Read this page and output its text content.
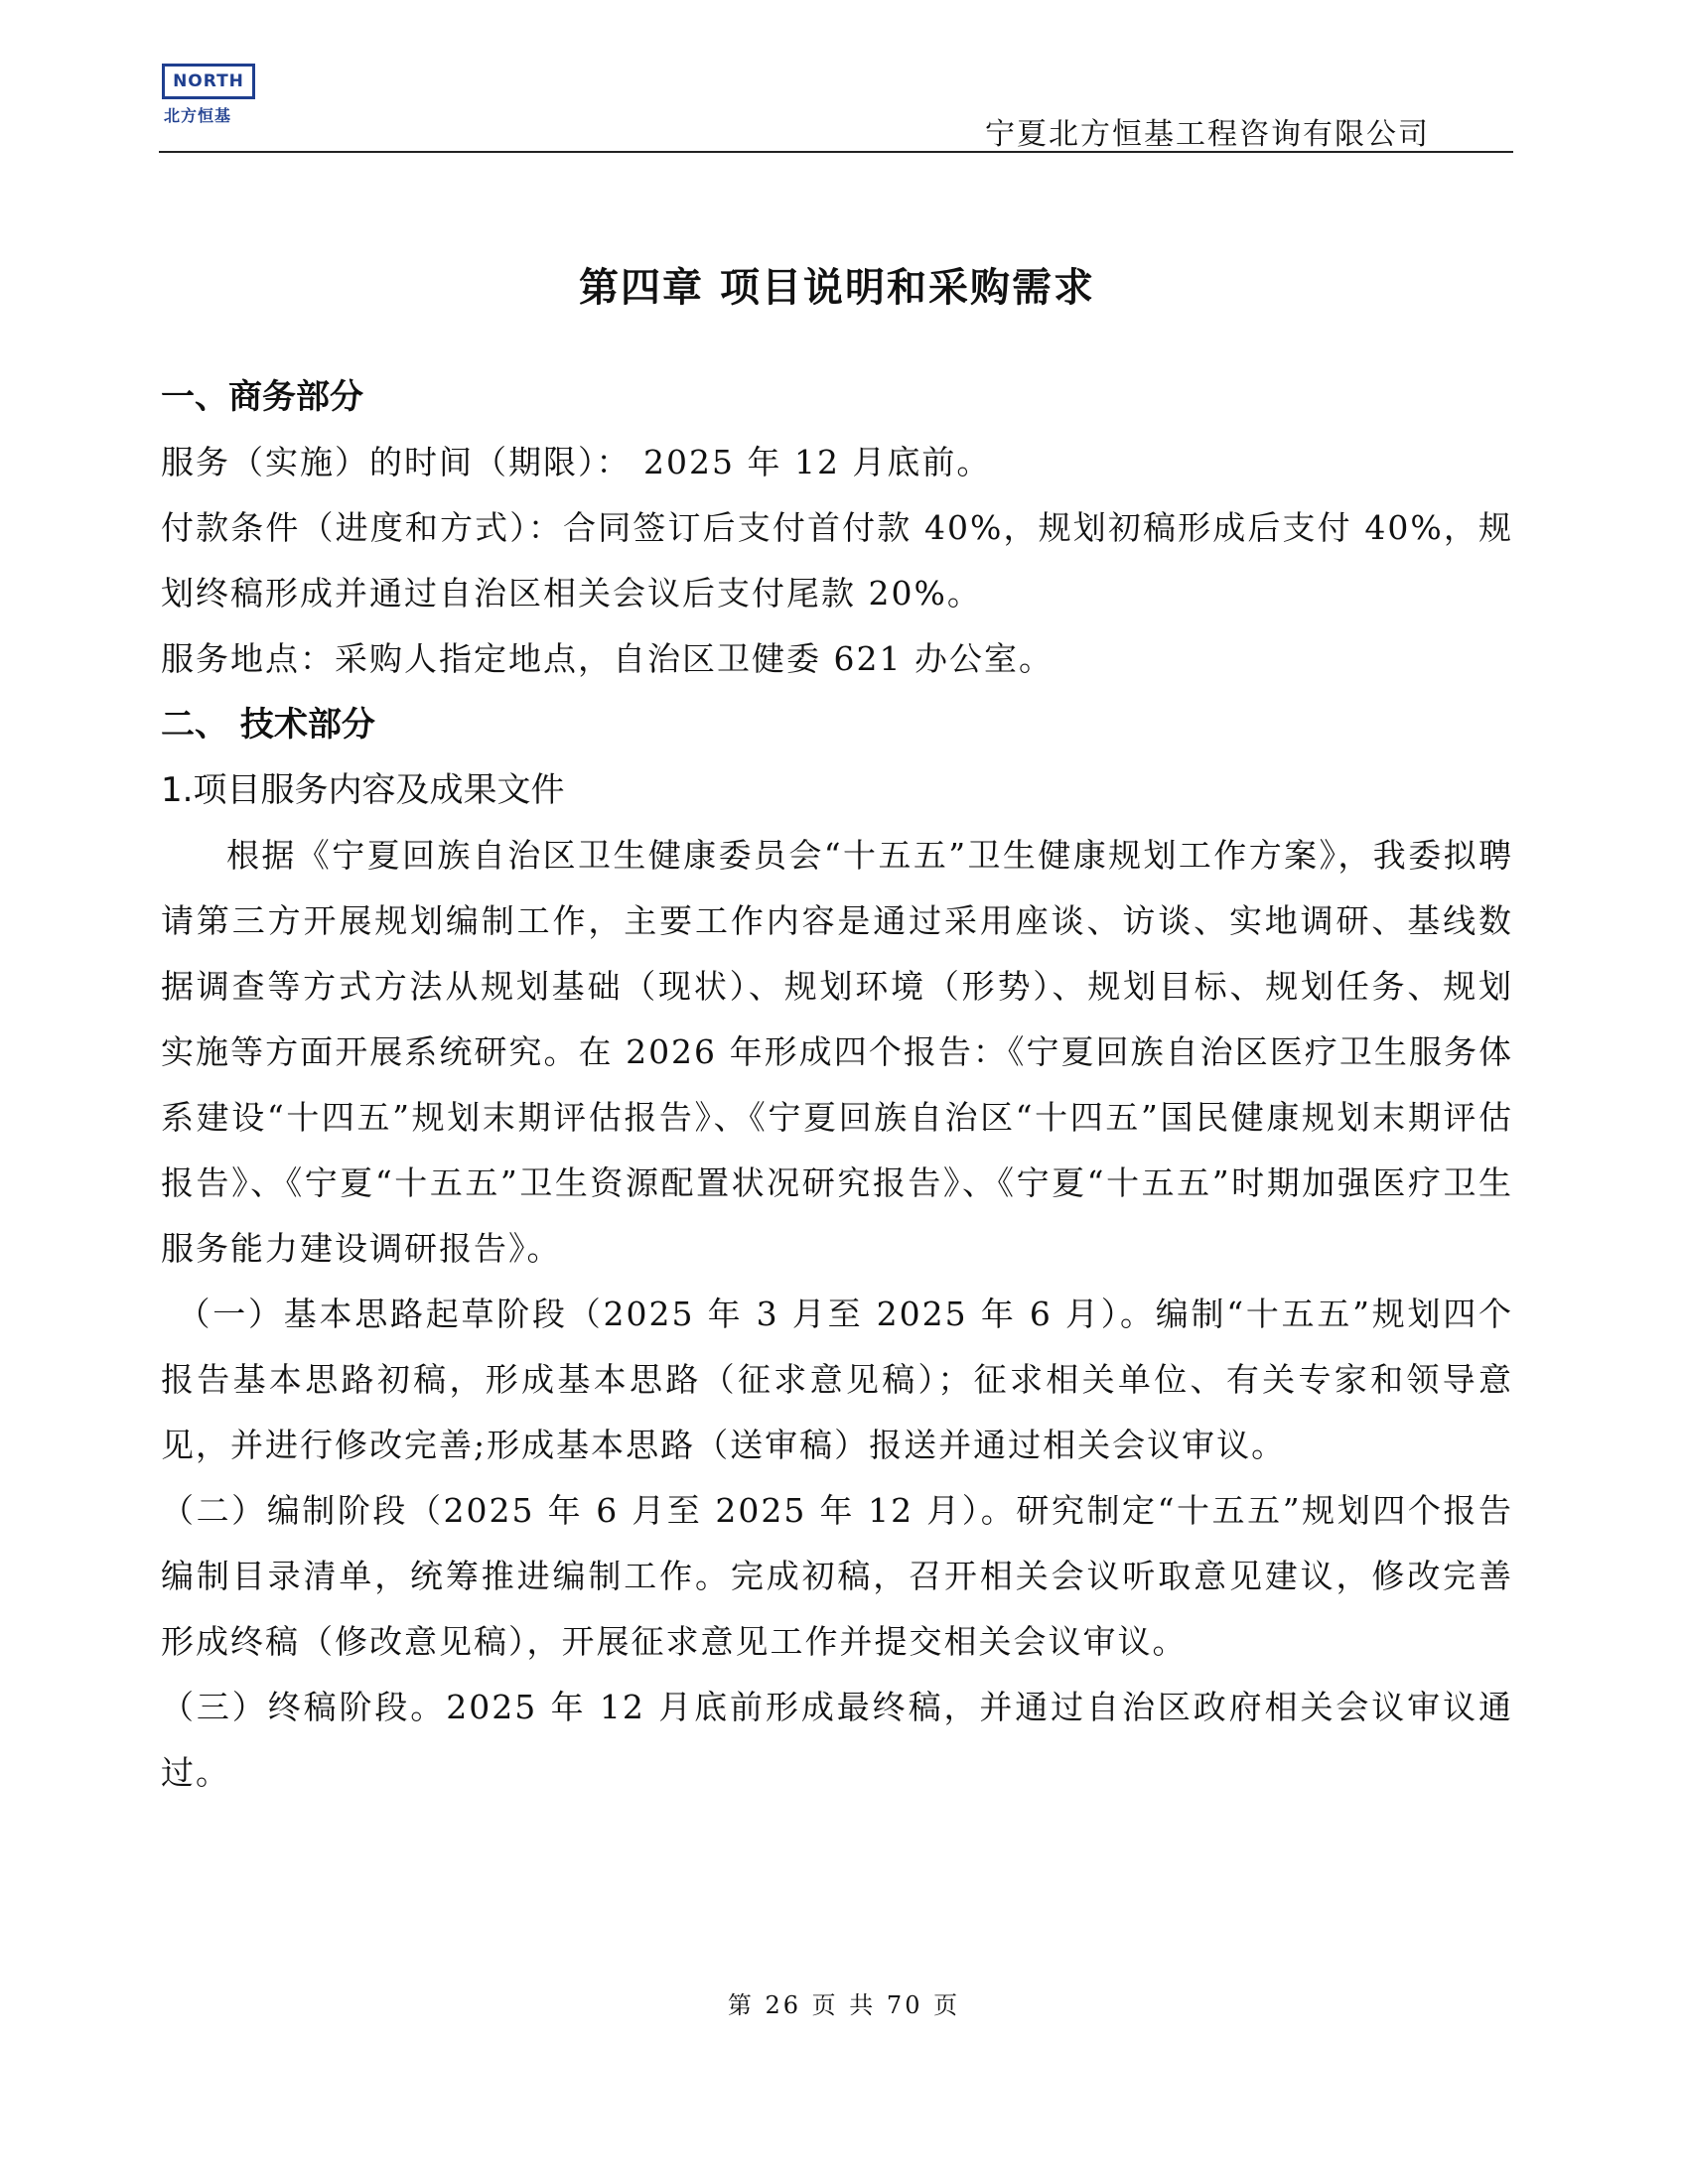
NORTH
北方恒基
宁夏北方恒基工程咨询有限公司
第四章 项目说明和采购需求
一、商务部分
服务（实施）的时间（期限）： 2025 年 12 月底前。
付款条件（进度和方式）：合同签订后支付首付款 40%，规划初稿形成后支付 40%，规划终稿形成并通过自治区相关会议后支付尾款 20%。
服务地点：采购人指定地点，自治区卫健委 621 办公室。
二、 技术部分
1.项目服务内容及成果文件
根据《宁夏回族自治区卫生健康委员会“十五五”卫生健康规划工作方案》，我委拟聘请第三方开展规划编制工作，主要工作内容是通过采用座谈、访谈、实地调研、基线数据调查等方式方法从规划基础（现状）、规划环境（形势）、规划目标、规划任务、规划实施等方面开展系统研究。在 2026 年形成四个报告：《宁夏回族自治区医疗卫生服务体系建设“十四五”规划末期评估报告》、《宁夏回族自治区“十四五”国民健康规划末期评估报告》、《宁夏“十五五”卫生资源配置状况研究报告》、《宁夏“十五五”时期加强医疗卫生服务能力建设调研报告》。
（一）基本思路起草阶段（2025 年 3 月至 2025 年 6 月）。编制“十五五”规划四个报告基本思路初稿，形成基本思路（征求意见稿）；征求相关单位、有关专家和领导意见，并进行修改完善;形成基本思路（送审稿）报送并通过相关会议审议。
（二）编制阶段（2025 年 6 月至 2025 年 12 月）。研究制定“十五五”规划四个报告编制目录清单，统筹推进编制工作。完成初稿，召开相关会议听取意见建议，修改完善形成终稿（修改意见稿），开展征求意见工作并提交相关会议审议。
（三）终稿阶段。2025 年 12 月底前形成最终稿，并通过自治区政府相关会议审议通过。
第 26 页 共 70 页
